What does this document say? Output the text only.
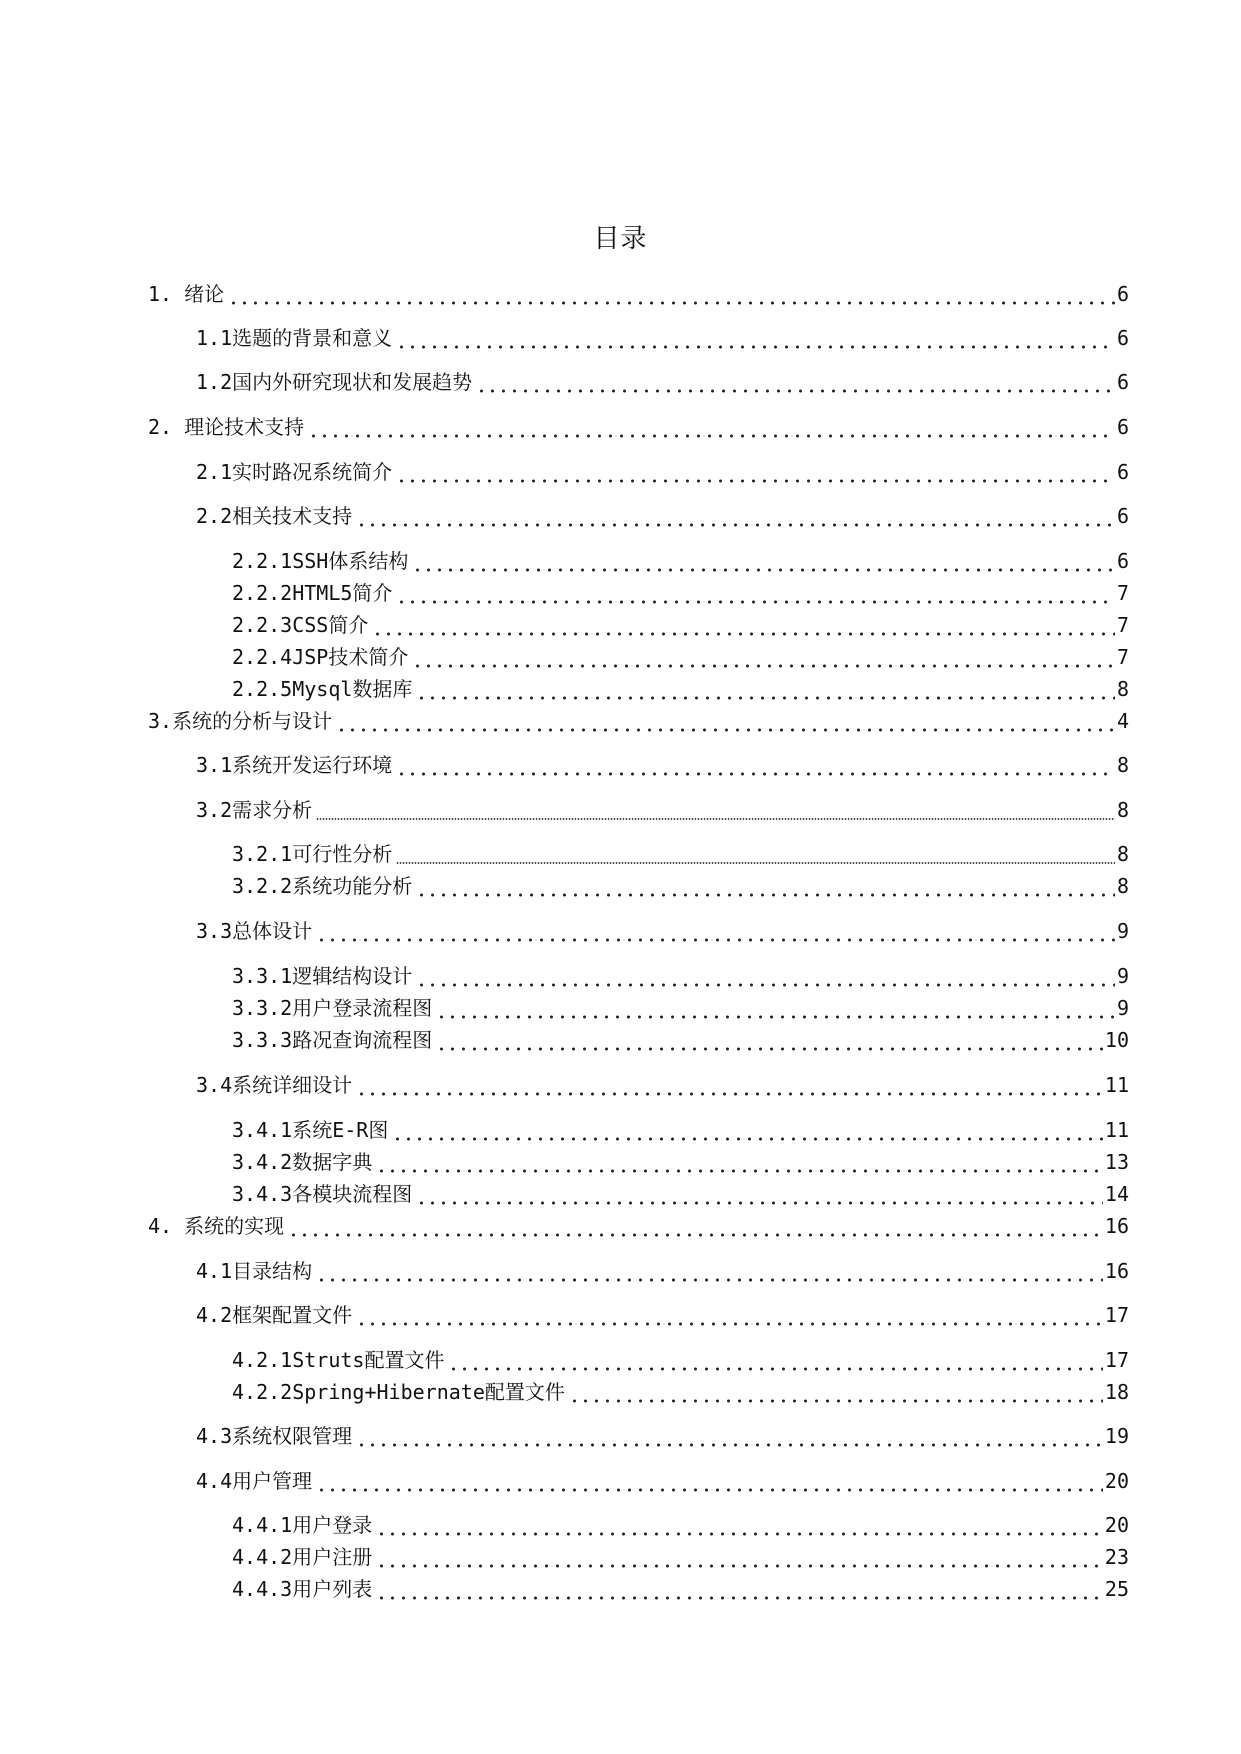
目录
1. 绪论	6
1.1选题的背景和意义	6
1.2国内外研究现状和发展趋势	6
2. 理论技术支持	6
2.1实时路况系统简介	6
2.2相关技术支持	6
2.2.1SSH体系结构	6
2.2.2HTML5简介	7
2.2.3CSS简介	7
2.2.4JSP技术简介	7
2.2.5Mysql数据库	8
3.系统的分析与设计	4
3.1系统开发运行环境	8
3.2需求分析	8
3.2.1可行性分析	8
3.2.2系统功能分析	8
3.3总体设计	9
3.3.1逻辑结构设计	9
3.3.2用户登录流程图	9
3.3.3路况查询流程图	10
3.4系统详细设计	11
3.4.1系统E-R图	11
3.4.2数据字典	13
3.4.3各模块流程图	14
4. 系统的实现	16
4.1目录结构	16
4.2框架配置文件	17
4.2.1Struts配置文件	17
4.2.2Spring+Hibernate配置文件	18
4.3系统权限管理	19
4.4用户管理	20
4.4.1用户登录	20
4.4.2用户注册	23
4.4.3用户列表	25
